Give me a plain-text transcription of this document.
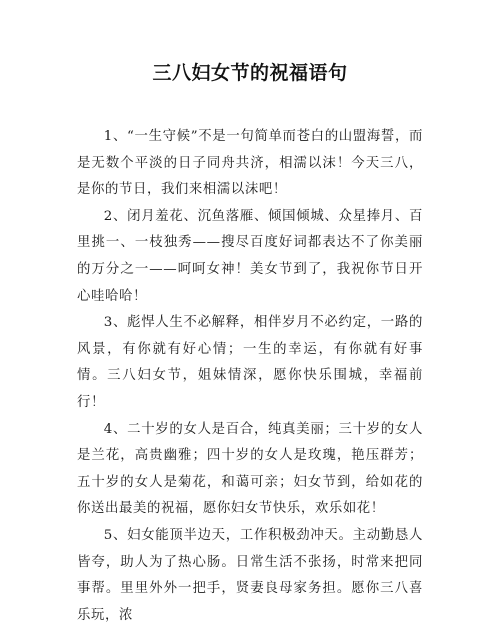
三八妇女节的祝福语句

1、“一生守候”不是一句简单而苍白的山盟海誓，而是无数个平淡的日子同舟共济，相濡以沫！今天三八，是你的节日，我们来相濡以沫吧！

2、闭月羞花、沉鱼落雁、倾国倾城、众星捧月、百里挑一、一枝独秀——搜尽百度好词都表达不了你美丽的万分之一——呵呵女神！美女节到了，我祝你节日开心哇哈哈！

3、彪悍人生不必解释，相伴岁月不必约定，一路的风景，有你就有好心情；一生的幸运，有你就有好事情。三八妇女节，姐妹情深，愿你快乐围城，幸福前行！

4、二十岁的女人是百合，纯真美丽；三十岁的女人是兰花，高贵幽雅；四十岁的女人是玫瑰，艳压群芳；五十岁的女人是菊花，和蔼可亲；妇女节到，给如花的你送出最美的祝福，愿你妇女节快乐，欢乐如花！

5、妇女能顶半边天，工作积极劲冲天。主动勤恳人皆夸，助人为了热心肠。日常生活不张扬，时常来把同事帮。里里外外一把手，贤妻良母家务担。愿你三八喜乐玩，浓
